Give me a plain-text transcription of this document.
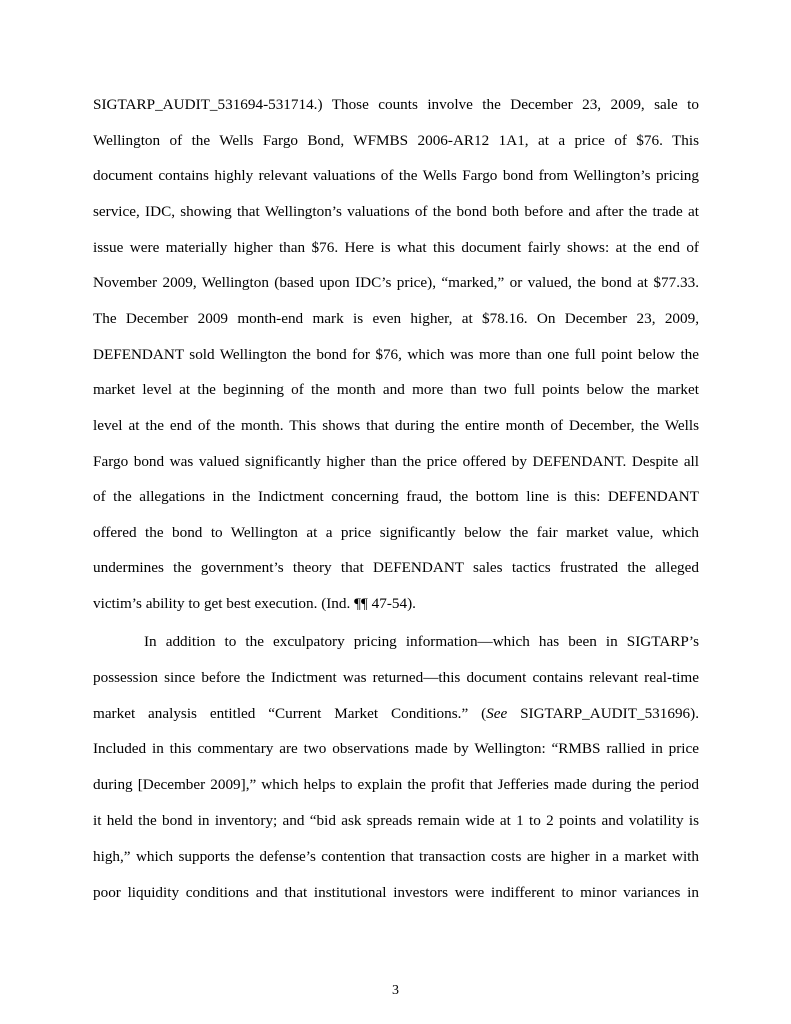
SIGTARP_AUDIT_531694-531714.) Those counts involve the December 23, 2009, sale to
Wellington of the Wells Fargo Bond, WFMBS 2006-AR12 1A1, at a price of $76. This
document contains highly relevant valuations of the Wells Fargo bond from Wellington’s pricing
service, IDC, showing that Wellington’s valuations of the bond both before and after the trade at
issue were materially higher than $76. Here is what this document fairly shows: at the end of
November 2009, Wellington (based upon IDC’s price), “marked,” or valued, the bond at $77.33.
The December 2009 month-end mark is even higher, at $78.16. On December 23, 2009,
DEFENDANT sold Wellington the bond for $76, which was more than one full point below the
market level at the beginning of the month and more than two full points below the market
level at the end of the month. This shows that during the entire month of December, the Wells
Fargo bond was valued significantly higher than the price offered by DEFENDANT. Despite all
of the allegations in the Indictment concerning fraud, the bottom line is this: DEFENDANT
offered the bond to Wellington at a price significantly below the fair market value, which
undermines the government’s theory that DEFENDANT sales tactics frustrated the alleged
victim’s ability to get best execution. (Ind. ¶¶ 47-54).
In addition to the exculpatory pricing information—which has been in SIGTARP’s
possession since before the Indictment was returned—this document contains relevant real-time
market analysis entitled “Current Market Conditions.” (See SIGTARP_AUDIT_531696).
Included in this commentary are two observations made by Wellington: “RMBS rallied in price
during [December 2009],” which helps to explain the profit that Jefferies made during the period
it held the bond in inventory; and “bid ask spreads remain wide at 1 to 2 points and volatility is
high,” which supports the defense’s contention that transaction costs are higher in a market with
poor liquidity conditions and that institutional investors were indifferent to minor variances in
3
